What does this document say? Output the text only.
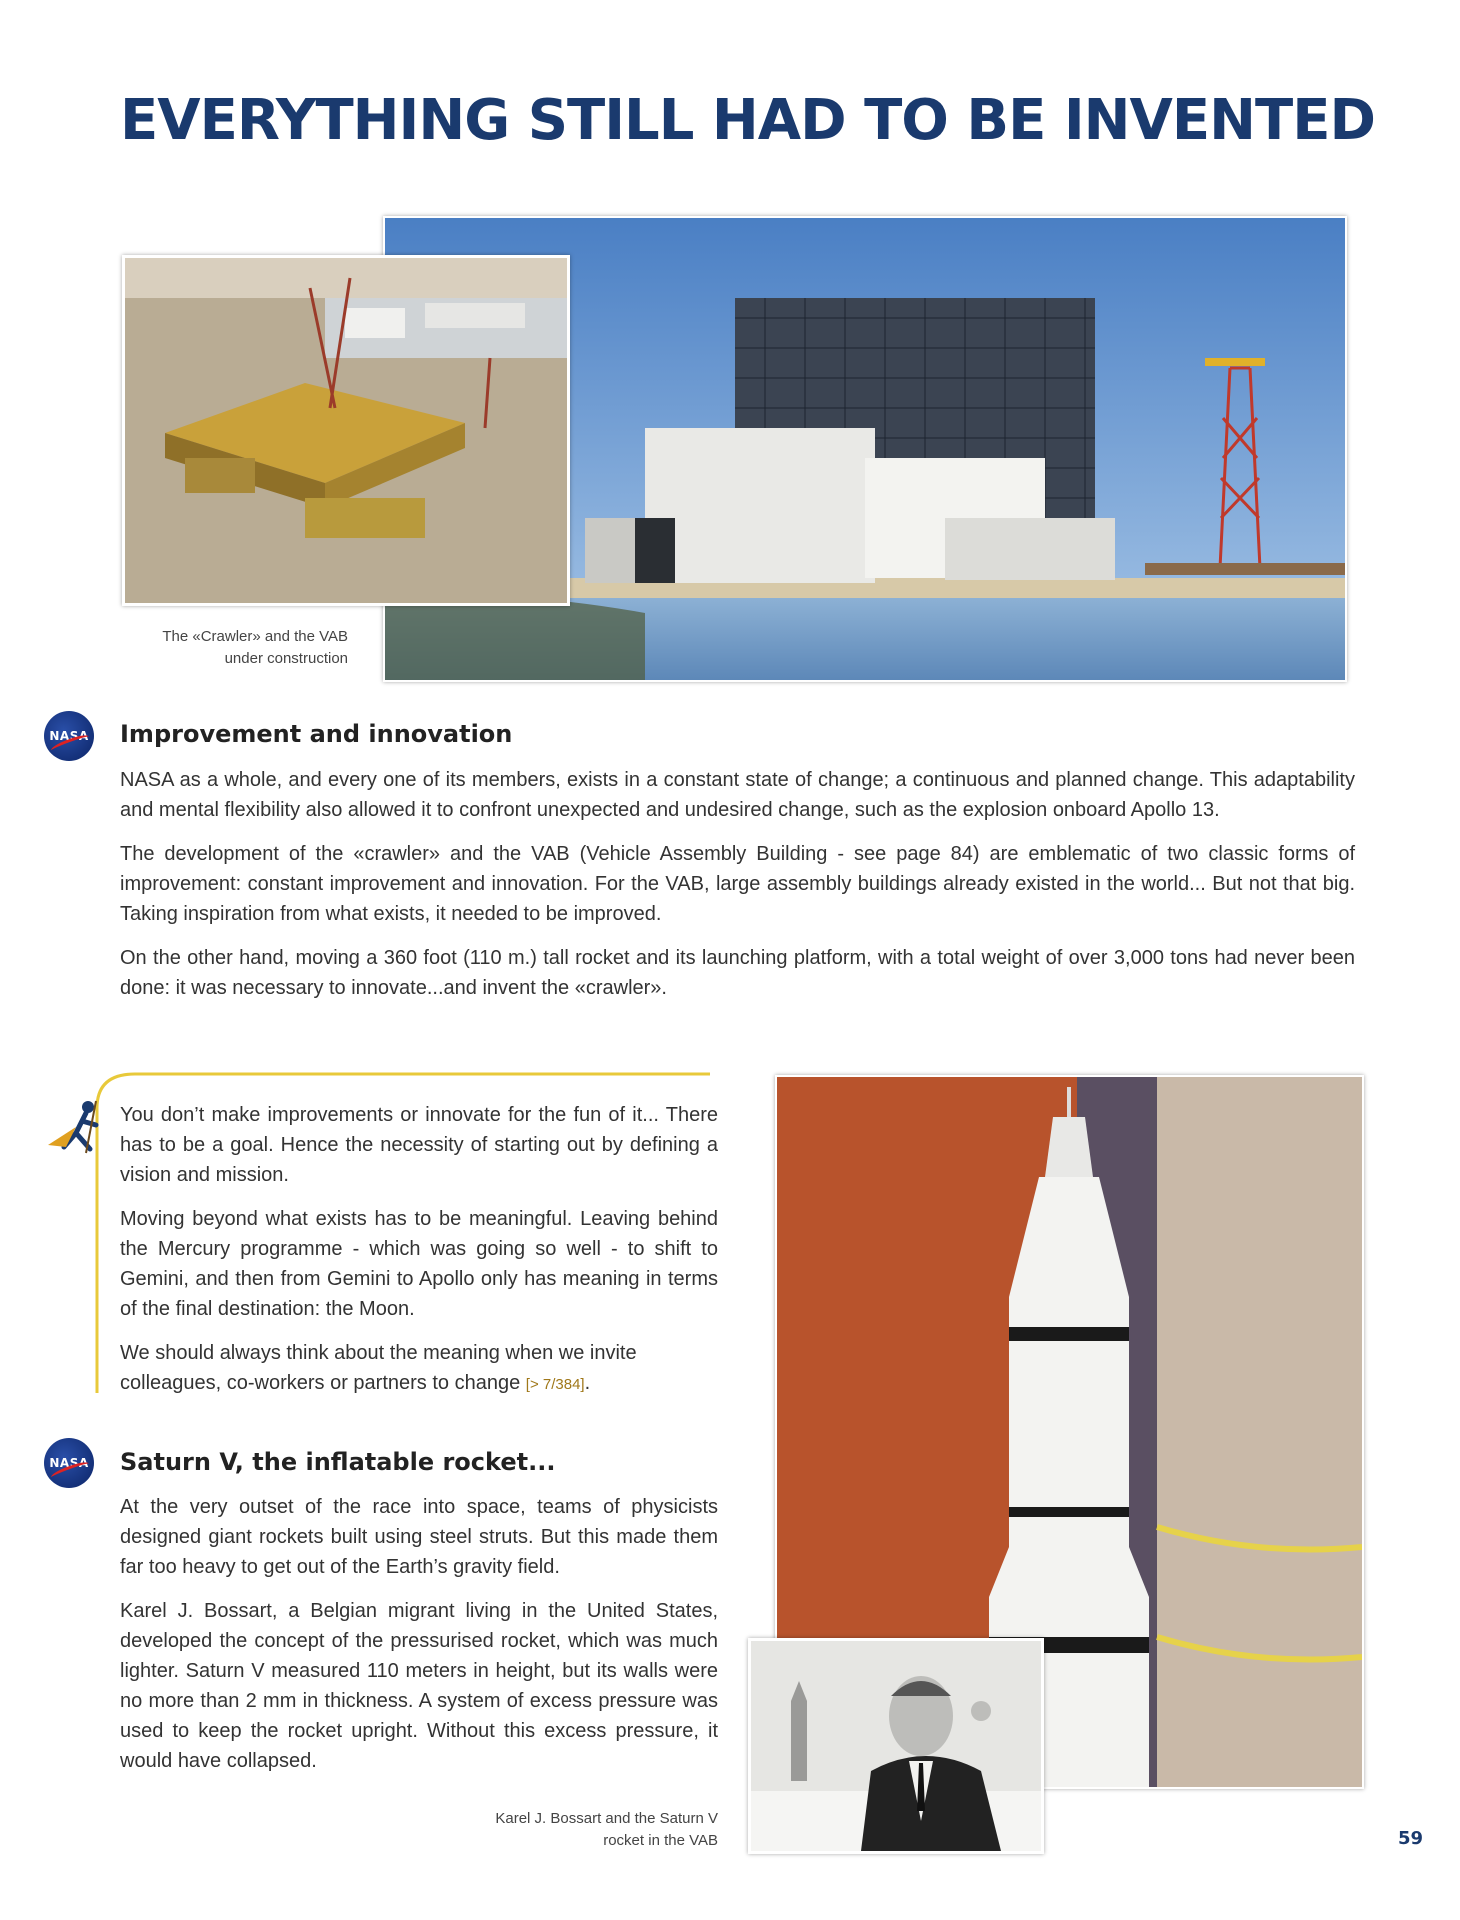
EVERYTHING STILL HAD TO BE INVENTED
The «Crawler» and the VAB
under construction
NASA Improvement and innovation

NASA as a whole, and every one of its members, exists in a constant state of change; a continuous and planned change. This adaptability and mental flexibility also allowed it to confront unexpected and undesired change, such as the explosion onboard Apollo 13.

The development of the «crawler» and the VAB (Vehicle Assembly Building - see page 84) are emblematic of two classic forms of improvement: constant improvement and innovation. For the VAB, large assembly buildings already existed in the world... But not that big. Taking inspiration from what exists, it needed to be improved.

On the other hand, moving a 360 foot (110 m.) tall rocket and its launching platform, with a total weight of over 3,000 tons had never been done: it was necessary to innovate...and invent the «crawler».

You don’t make improvements or innovate for the fun of it... There has to be a goal. Hence the necessity of starting out by defining a vision and mission.

Moving beyond what exists has to be meaningful. Leaving behind the Mercury programme - which was going so well - to shift to Gemini, and then from Gemini to Apollo only has meaning in terms of the final destination: the Moon.

We should always think about the meaning when we invite colleagues, co-workers or partners to change [> 7/384].

NASA Saturn V, the inflatable rocket...

At the very outset of the race into space, teams of physicists designed giant rockets built using steel struts. But this made them far too heavy to get out of the Earth’s gravity field.

Karel J. Bossart, a Belgian migrant living in the United States, developed the concept of the pressurised rocket, which was much lighter. Saturn V measured 110 meters in height, but its walls were no more than 2 mm in thickness. A system of excess pressure was used to keep the rocket upright. Without this excess pressure, it would have collapsed.

Karel J. Bossart and the Saturn V
rocket in the VAB	59
